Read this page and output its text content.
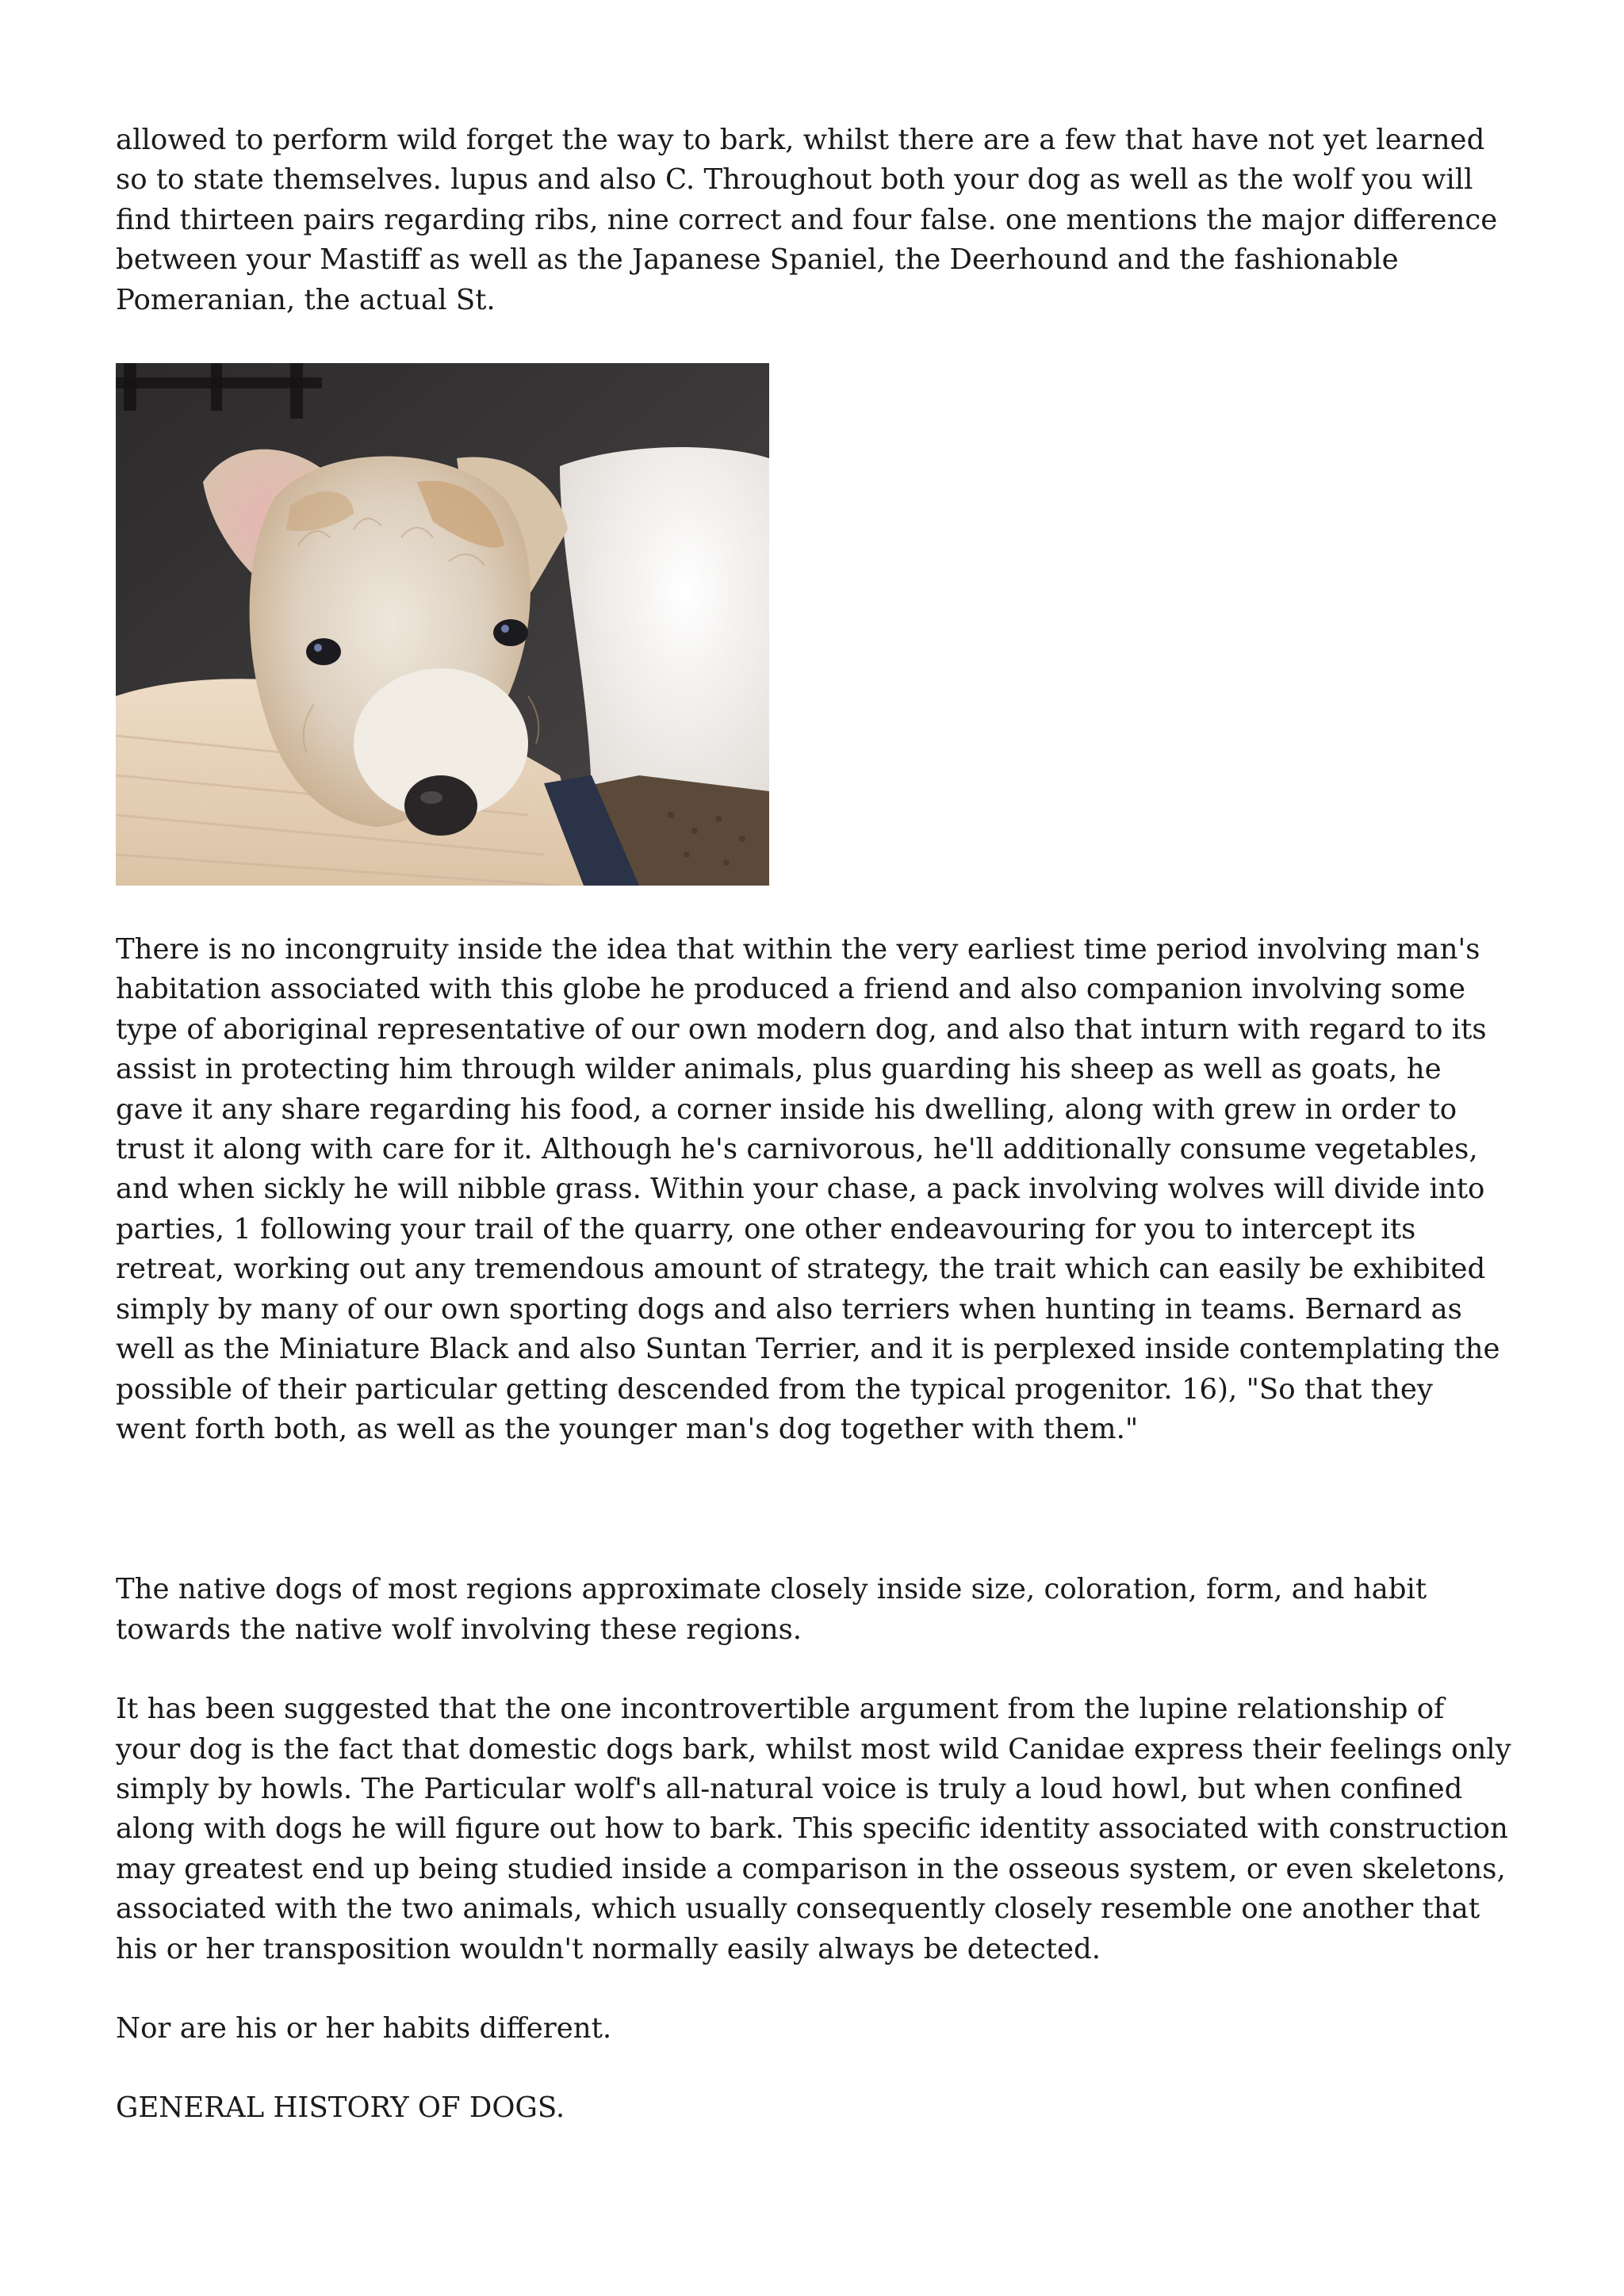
allowed to perform wild forget the way to bark, whilst there are a few that have not yet learned so to state themselves. lupus and also C. Throughout both your dog as well as the wolf you will find thirteen pairs regarding ribs, nine correct and four false. one mentions the major difference between your Mastiff as well as the Japanese Spaniel, the Deerhound and the fashionable Pomeranian, the actual St.

There is no incongruity inside the idea that within the very earliest time period involving man's habitation associated with this globe he produced a friend and also companion involving some type of aboriginal representative of our own modern dog, and also that inturn with regard to its assist in protecting him through wilder animals, plus guarding his sheep as well as goats, he gave it any share regarding his food, a corner inside his dwelling, along with grew in order to trust it along with care for it. Although he's carnivorous, he'll additionally consume vegetables, and when sickly he will nibble grass. Within your chase, a pack involving wolves will divide into parties, 1 following your trail of the quarry, one other endeavouring for you to intercept its retreat, working out any tremendous amount of strategy, the trait which can easily be exhibited simply by many of our own sporting dogs and also terriers when hunting in teams. Bernard as well as the Miniature Black and also Suntan Terrier, and it is perplexed inside contemplating the possible of their particular getting descended from the typical progenitor. 16), "So that they went forth both, as well as the younger man's dog together with them."

The native dogs of most regions approximate closely inside size, coloration, form, and habit towards the native wolf involving these regions.

It has been suggested that the one incontrovertible argument from the lupine relationship of your dog is the fact that domestic dogs bark, whilst most wild Canidae express their feelings only simply by howls. The Particular wolf's all-natural voice is truly a loud howl, but when confined along with dogs he will figure out how to bark. This specific identity associated with construction may greatest end up being studied inside a comparison in the osseous system, or even skeletons, associated with the two animals, which usually consequently closely resemble one another that his or her transposition wouldn't normally easily always be detected.

Nor are his or her habits different.

GENERAL HISTORY OF DOGS.
